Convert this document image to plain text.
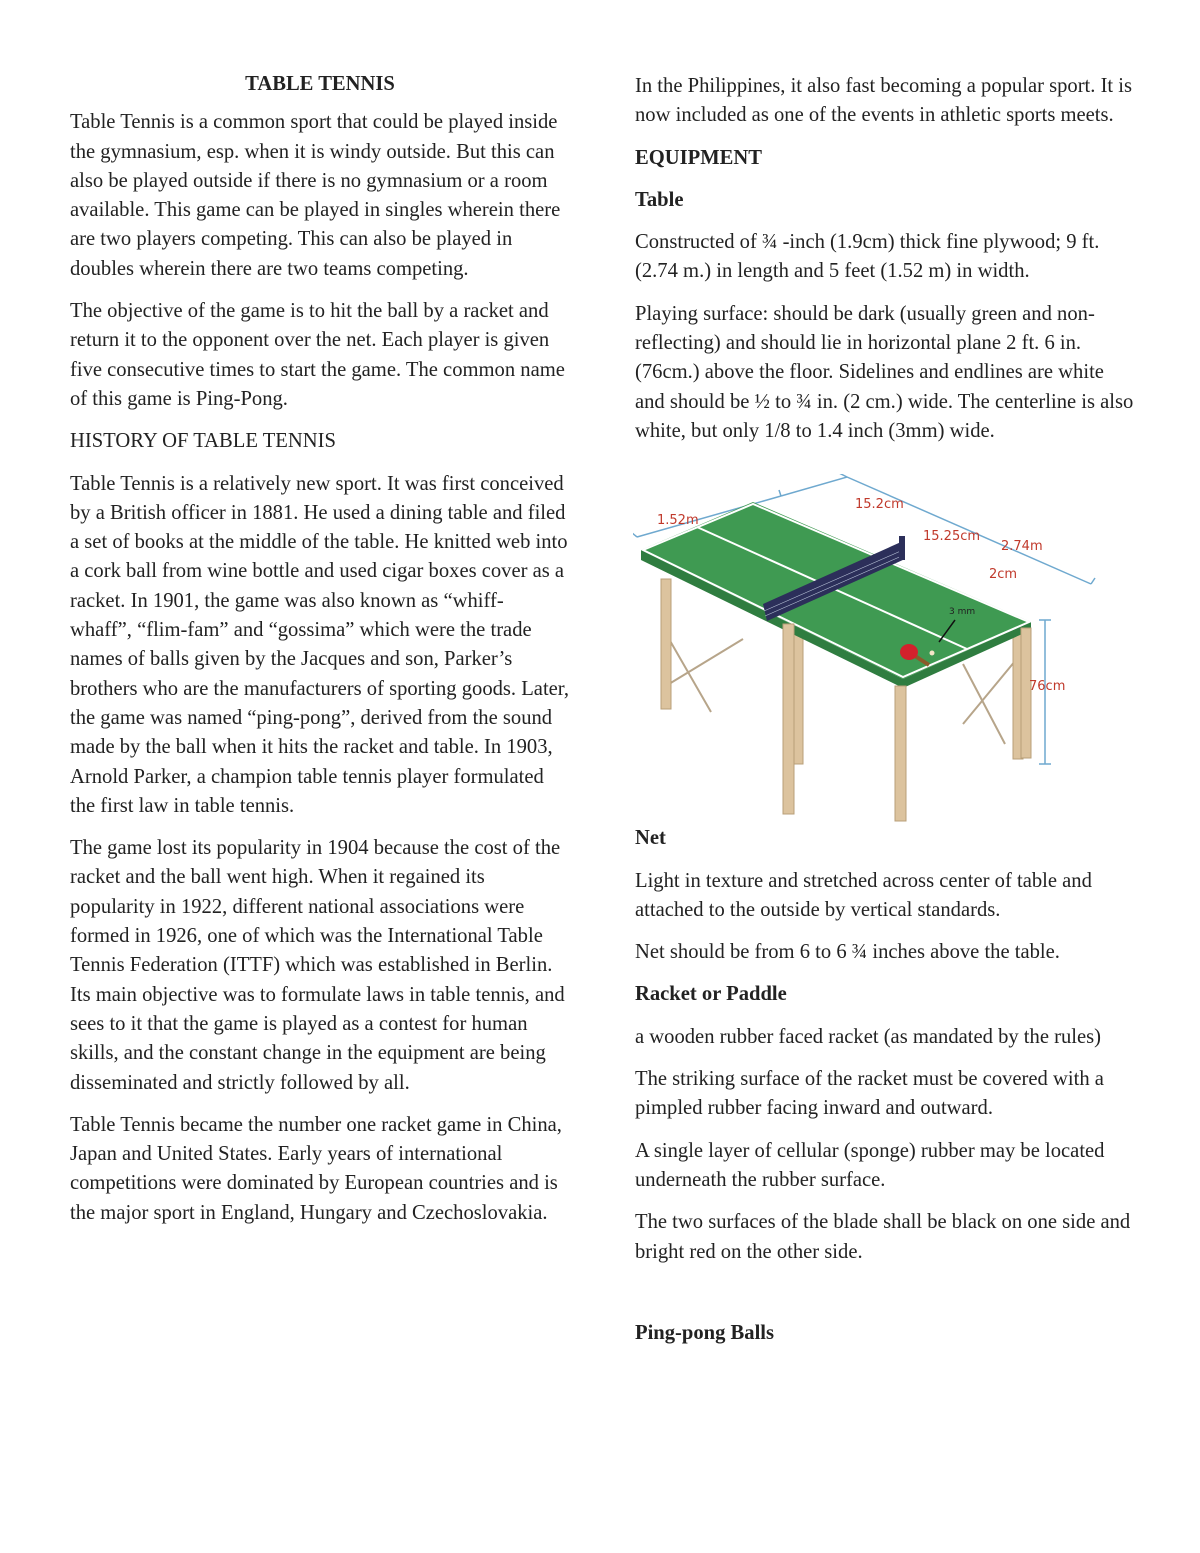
TABLE TENNIS

Table Tennis is a common sport that could be played inside the gymnasium, esp. when it is windy outside. But this can also be played outside if there is no gymnasium or a room available. This game can be played in singles wherein there are two players competing. This can also be played in doubles wherein there are two teams competing.

The objective of the game is to hit the ball by a racket and return it to the opponent over the net. Each player is given five consecutive times to start the game. The common name of this game is Ping-Pong.

HISTORY OF TABLE TENNIS

Table Tennis is a relatively new sport. It was first conceived by a British officer in 1881. He used a dining table and filed a set of books at the middle of the table. He knitted web into a cork ball from wine bottle and used cigar boxes cover as a racket. In 1901, the game was also known as “whiff- whaff”, “flim-fam” and “gossima” which were the trade names of balls given by the Jacques and son, Parker’s brothers who are the manufacturers of sporting goods. Later, the game was named “ping-pong”, derived from the sound made by the ball when it hits the racket and table. In 1903, Arnold Parker, a champion table tennis player formulated the first law in table tennis.

The game lost its popularity in 1904 because the cost of the racket and the ball went high. When it regained its popularity in 1922, different national associations were formed in 1926, one of which was the International Table Tennis Federation (ITTF) which was established in Berlin. Its main objective was to formulate laws in table tennis, and sees to it that the game is played as a contest for human skills, and the constant change in the equipment are being disseminated and strictly followed by all.

Table Tennis became the number one racket game in China, Japan and United States. Early years of international competitions were dominated by European countries and is the major sport in England, Hungary and Czechoslovakia.

In the Philippines, it also fast becoming a popular sport. It is now included as one of the events in athletic sports meets.

EQUIPMENT

Table

Constructed of ¾ -inch (1.9cm) thick fine plywood; 9 ft. (2.74 m.) in length and 5 feet (1.52 m) in width.

Playing surface: should be dark (usually green and non-reflecting) and should lie in horizontal plane 2 ft. 6 in. (76cm.) above the floor. Sidelines and endlines are white and should be ½ to ¾ in. (2 cm.) wide. The centerline is also white, but only 1/8 to 1.4 inch (3mm) wide.

1.52m
15.2cm
15.25cm
2.74m
2cm
3 mm
76cm

Net

Light in texture and stretched across center of table and attached to the outside by vertical standards.

Net should be from 6 to 6 ¾ inches above the table.

Racket or Paddle

a wooden rubber faced racket (as mandated by the rules)

The striking surface of the racket must be covered with a pimpled rubber facing inward and outward.

A single layer of cellular (sponge) rubber may be located underneath the rubber surface.

The two surfaces of the blade shall be black on one side and bright red on the other side.

Ping-pong Balls
